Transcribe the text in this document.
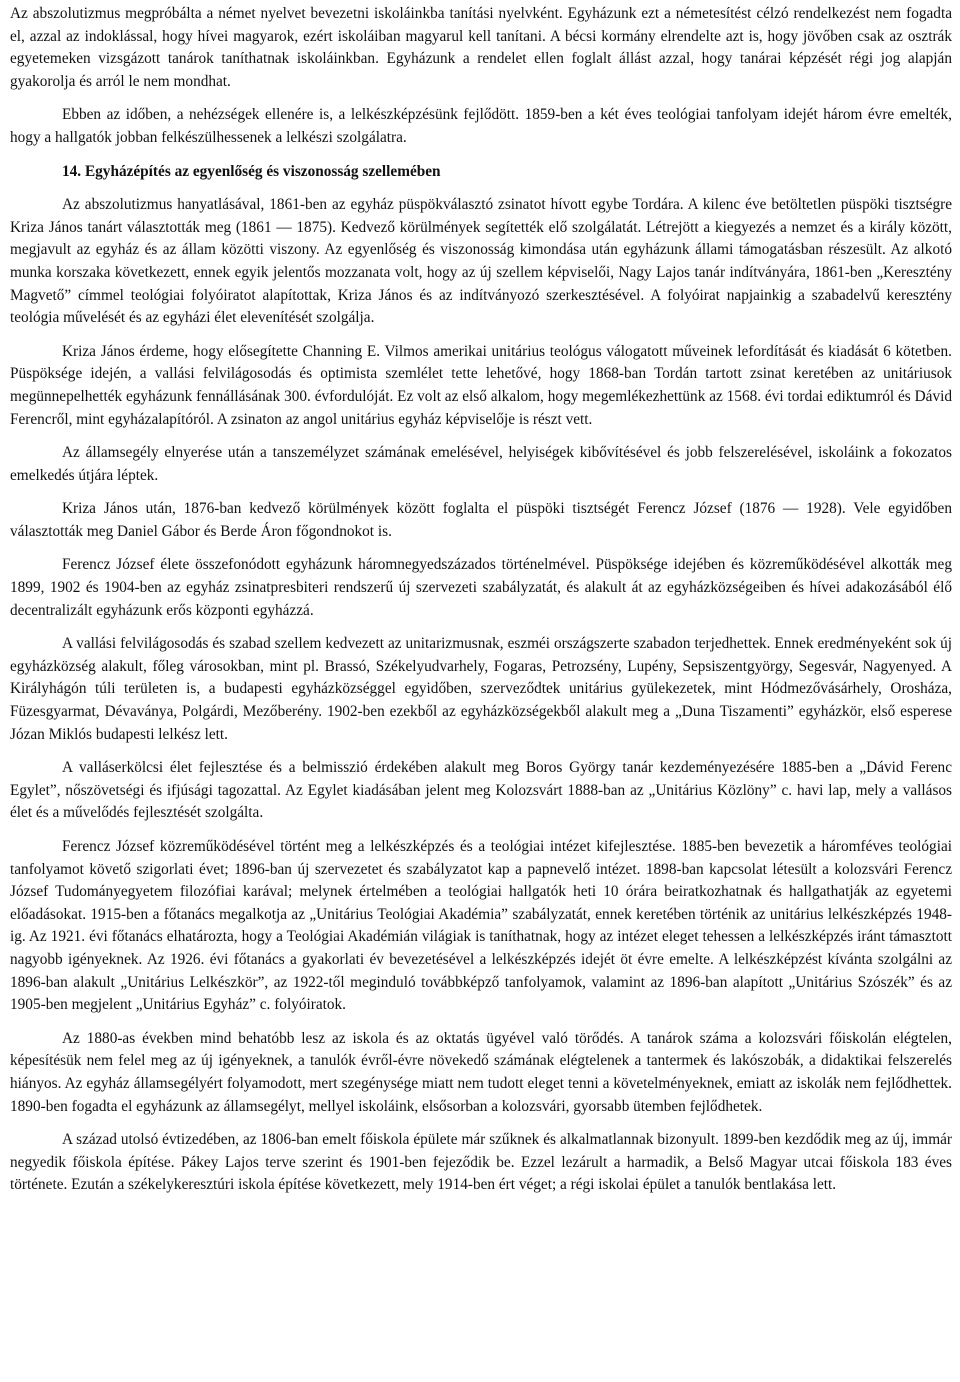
Az abszolutizmus megpróbálta a német nyelvet bevezetni iskoláinkba tanítási nyelvként. Egyházunk ezt a németesítést célzó rendelkezést nem fogadta el, azzal az indoklással, hogy hívei magyarok, ezért iskoláiban magyarul kell tanítani. A bécsi kormány elrendelte azt is, hogy jövőben csak az osztrák egyetemeken vizsgázott tanárok taníthatnak iskoláinkban. Egyházunk a rendelet ellen foglalt állást azzal, hogy tanárai képzését régi jog alapján gyakorolja és arról le nem mondhat.

Ebben az időben, a nehézségek ellenére is, a lelkészképzésünk fejlődött. 1859-ben a két éves teológiai tanfolyam idejét három évre emelték, hogy a hallgatók jobban felkészülhessenek a lelkészi szolgálatra.

14. Egyházépítés az egyenlőség és viszonosság szellemében

Az abszolutizmus hanyatlásával, 1861-ben az egyház püspökválasztó zsinatot hívott egybe Tordára. A kilenc éve betöltetlen püspöki tisztségre Kriza János tanárt választották meg (1861 — 1875). Kedvező körülmények segítették elő szolgálatát. Létrejött a kiegyezés a nemzet és a király között, megjavult az egyház és az állam közötti viszony. Az egyenlőség és viszonosság kimondása után egyházunk állami támogatásban részesült. Az alkotó munka korszaka következett, ennek egyik jelentős mozzanata volt, hogy az új szellem képviselői, Nagy Lajos tanár indítványára, 1861-ben „Keresztény Magvető” címmel teológiai folyóiratot alapítottak, Kriza János és az indítványozó szerkesztésével. A folyóirat napjainkig a szabadelvű keresztény teológia művelését és az egyházi élet elevenítését szolgálja.

Kriza János érdeme, hogy elősegítette Channing E. Vilmos amerikai unitárius teológus válogatott műveinek lefordítását és kiadását 6 kötetben. Püspöksége idején, a vallási felvilágosodás és optimista szemlélet tette lehetővé, hogy 1868-ban Tordán tartott zsinat keretében az unitáriusok megünnepelhették egyházunk fennállásának 300. évfordulóját. Ez volt az első alkalom, hogy megemlékezhettünk az 1568. évi tordai ediktumról és Dávid Ferencről, mint egyházalapítóról. A zsinaton az angol unitárius egyház képviselője is részt vett.

Az államsegély elnyerése után a tanszemélyzet számának emelésével, helyiségek kibővítésével és jobb felszerelésével, iskoláink a fokozatos emelkedés útjára léptek.

Kriza János után, 1876-ban kedvező körülmények között foglalta el püspöki tisztségét Ferencz József (1876 — 1928). Vele egyidőben választották meg Daniel Gábor és Berde Áron főgondnokot is.

Ferencz József élete összefonódott egyházunk háromnegyedszázados történelmével. Püspöksége idejében és közreműködésével alkották meg 1899, 1902 és 1904-ben az egyház zsinatpresbiteri rendszerű új szervezeti szabályzatát, és alakult át az egyházközségeiben és hívei adakozásából élő decentralizált egyházunk erős központi egyházzá.

A vallási felvilágosodás és szabad szellem kedvezett az unitarizmusnak, eszméi országszerte szabadon terjedhettek. Ennek eredményeként sok új egyházközség alakult, főleg városokban, mint pl. Brassó, Székelyudvarhely, Fogaras, Petrozsény, Lupény, Sepsiszentgyörgy, Segesvár, Nagyenyed. A Királyhágón túli területen is, a budapesti egyházközséggel egyidőben, szerveződtek unitárius gyülekezetek, mint Hódmezővásárhely, Orosháza, Füzesgyarmat, Dévaványa, Polgárdi, Mezőberény. 1902-ben ezekből az egyházközségekből alakult meg a „Duna Tiszamenti” egyházkör, első esperese Józan Miklós budapesti lelkész lett.

A valláserkölcsi élet fejlesztése és a belmisszió érdekében alakult meg Boros György tanár kezdeményezésére 1885-ben a „Dávid Ferenc Egylet”, nőszövetségi és ifjúsági tagozattal. Az Egylet kiadásában jelent meg Kolozsvárt 1888-ban az „Unitárius Közlöny” c. havi lap, mely a vallásos élet és a művelődés fejlesztését szolgálta.

Ferencz József közreműködésével történt meg a lelkészképzés és a teológiai intézet kifejlesztése. 1885-ben bevezetik a háromféves teológiai tanfolyamot követő szigorlati évet; 1896-ban új szervezetet és szabályzatot kap a papnevelő intézet. 1898-ban kapcsolat létesült a kolozsvári Ferencz József Tudományegyetem filozófiai karával; melynek értelmében a teológiai hallgatók heti 10 órára beiratkozhatnak és hallgathatják az egyetemi előadásokat. 1915-ben a főtanács megalkotja az „Unitárius Teológiai Akadémia” szabályzatát, ennek keretében történik az unitárius lelkészképzés 1948-ig. Az 1921. évi főtanács elhatározta, hogy a Teológiai Akadémián világiak is taníthatnak, hogy az intézet eleget tehessen a lelkészképzés iránt támasztott nagyobb igényeknek. Az 1926. évi főtanács a gyakorlati év bevezetésével a lelkészképzés idejét öt évre emelte. A lelkészképzést kívánta szolgálni az 1896-ban alakult „Unitárius Lelkészkör”, az 1922-től meginduló továbbképző tanfolyamok, valamint az 1896-ban alapított „Unitárius Szószék” és az 1905-ben megjelent „Unitárius Egyház” c. folyóiratok.

Az 1880-as években mind behatóbb lesz az iskola és az oktatás ügyével való törődés. A tanárok száma a kolozsvári főiskolán elégtelen, képesítésük nem felel meg az új igényeknek, a tanulók évről-évre növekedő számának elégtelenek a tantermek és lakószobák, a didaktikai felszerelés hiányos. Az egyház államsegélyért folyamodott, mert szegénysége miatt nem tudott eleget tenni a követelményeknek, emiatt az iskolák nem fejlődhettek. 1890-ben fogadta el egyházunk az államsegélyt, mellyel iskoláink, elsősorban a kolozsvári, gyorsabb ütemben fejlődhetek.

A század utolsó évtizedében, az 1806-ban emelt főiskola épülete már szűknek és alkalmatlannak bizonyult. 1899-ben kezdődik meg az új, immár negyedik főiskola építése. Pákey Lajos terve szerint és 1901-ben fejeződik be. Ezzel lezárult a harmadik, a Belső Magyar utcai főiskola 183 éves története. Ezután a székelykeresztúri iskola építése következett, mely 1914-ben ért véget; a régi iskolai épület a tanulók bentlakása lett.
